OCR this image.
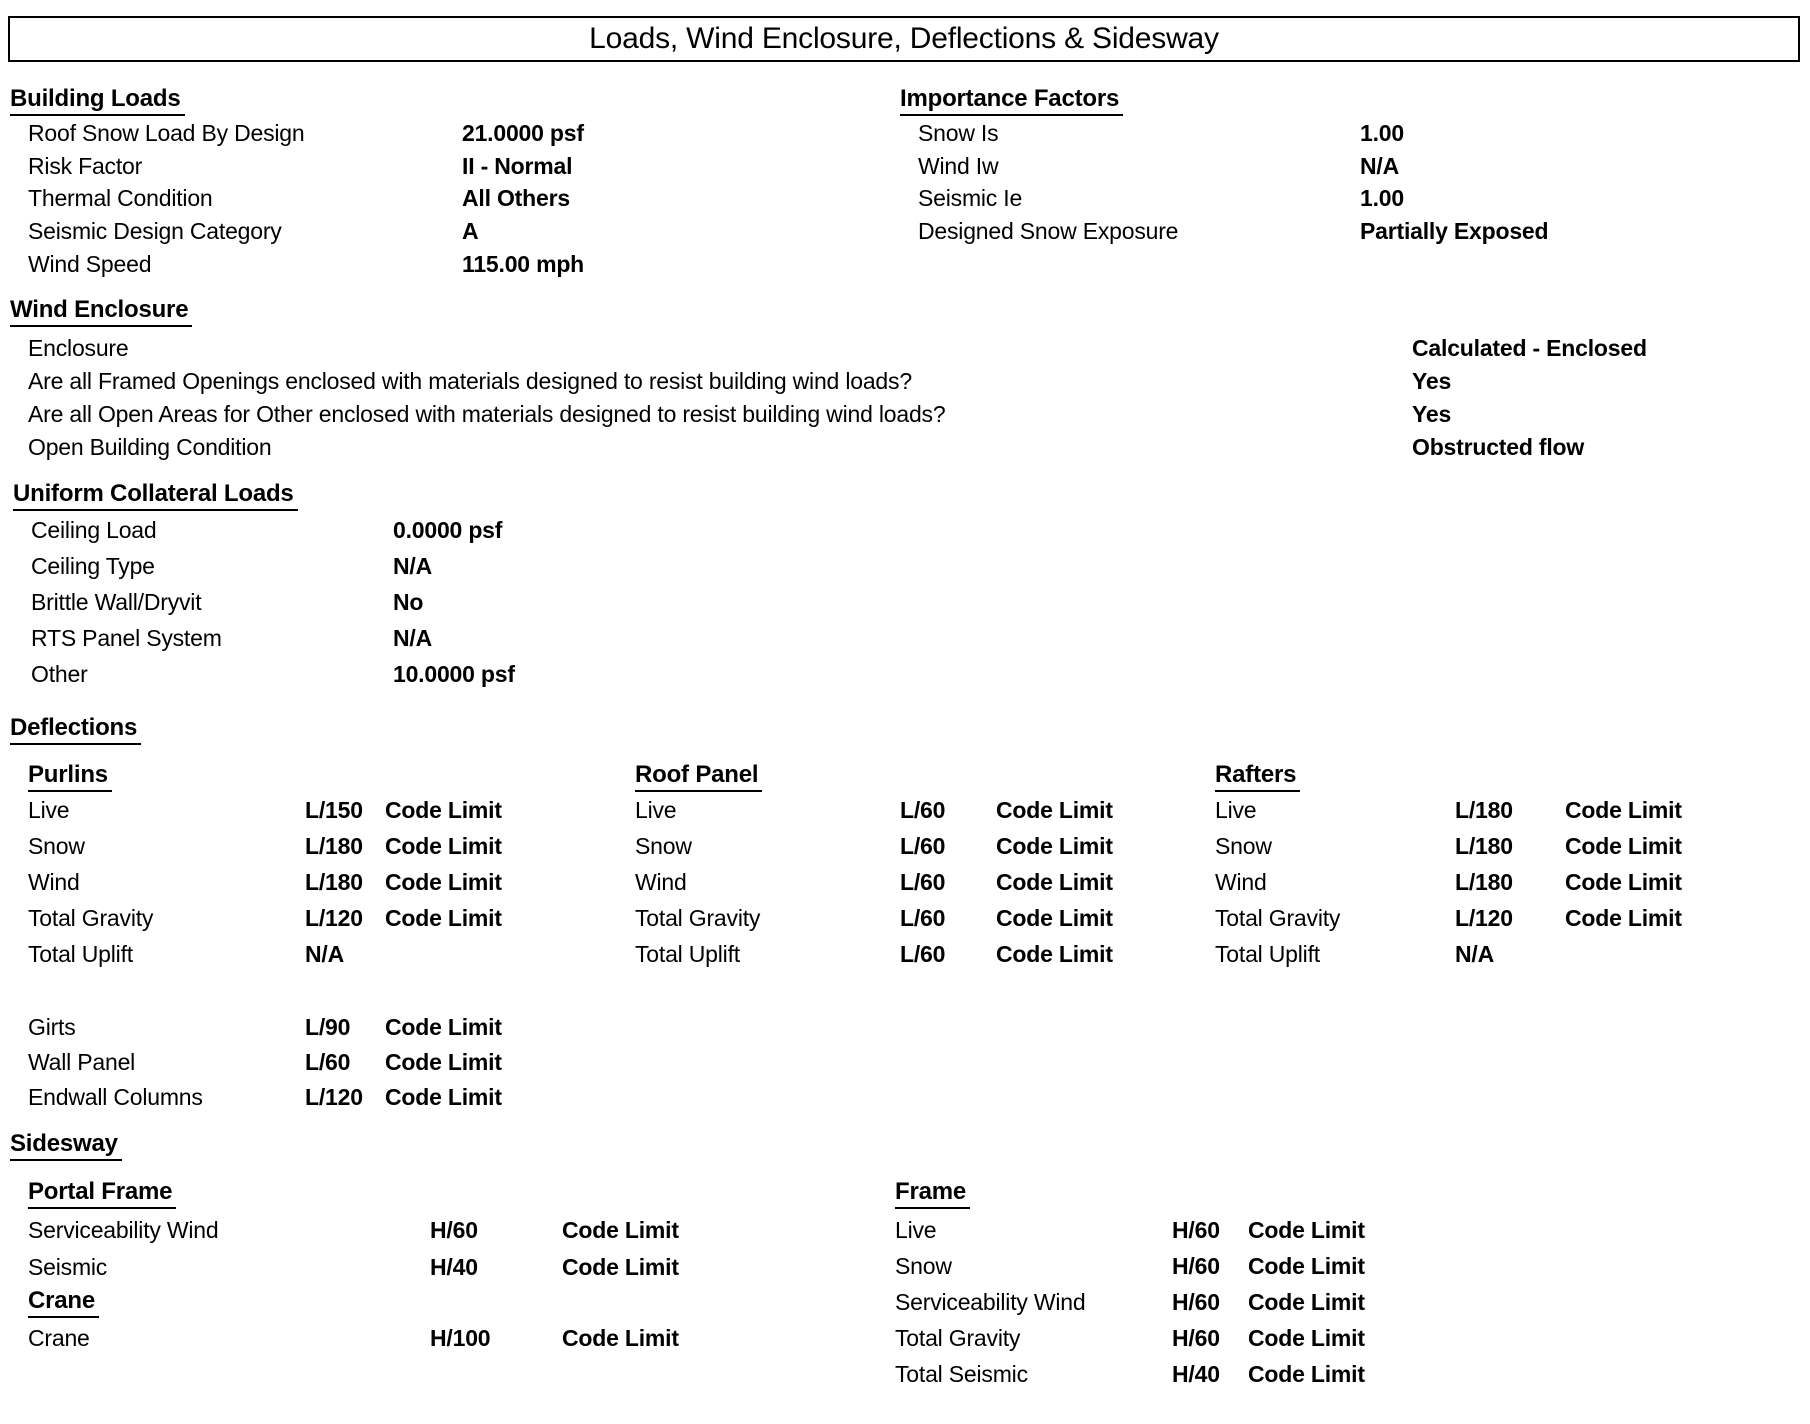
Loads, Wind Enclosure, Deflections & Sidesway
Building Loads
Roof Snow Load By Design	21.0000 psf
Risk Factor	II - Normal
Thermal Condition	All Others
Seismic Design Category	A
Wind Speed	115.00 mph
Importance Factors
Snow Is	1.00
Wind Iw	N/A
Seismic Ie	1.00
Designed Snow Exposure	Partially Exposed
Wind Enclosure
Enclosure	Calculated - Enclosed
Are all Framed Openings enclosed with materials designed to resist building wind loads?	Yes
Are all Open Areas for Other enclosed with materials designed to resist building wind loads?	Yes
Open Building Condition	Obstructed flow
Uniform Collateral Loads
Ceiling Load	0.0000 psf
Ceiling Type	N/A
Brittle Wall/Dryvit	No
RTS Panel System	N/A
Other	10.0000 psf
Deflections
Purlins
Live	L/150 Code Limit
Snow	L/180 Code Limit
Wind	L/180 Code Limit
Total Gravity	L/120 Code Limit
Total Uplift	N/A
Roof Panel
Live	L/60 Code Limit
Snow	L/60 Code Limit
Wind	L/60 Code Limit
Total Gravity	L/60 Code Limit
Total Uplift	L/60 Code Limit
Rafters
Live	L/180 Code Limit
Snow	L/180 Code Limit
Wind	L/180 Code Limit
Total Gravity	L/120 Code Limit
Total Uplift	N/A
Girts	L/90 Code Limit
Wall Panel	L/60 Code Limit
Endwall Columns	L/120 Code Limit
Sidesway
Portal Frame
Serviceability Wind	H/60	Code Limit
Seismic	H/40	Code Limit
Crane
Crane	H/100	Code Limit
Frame
Live	H/60 Code Limit
Snow	H/60 Code Limit
Serviceability Wind	H/60 Code Limit
Total Gravity	H/60 Code Limit
Total Seismic	H/40 Code Limit
